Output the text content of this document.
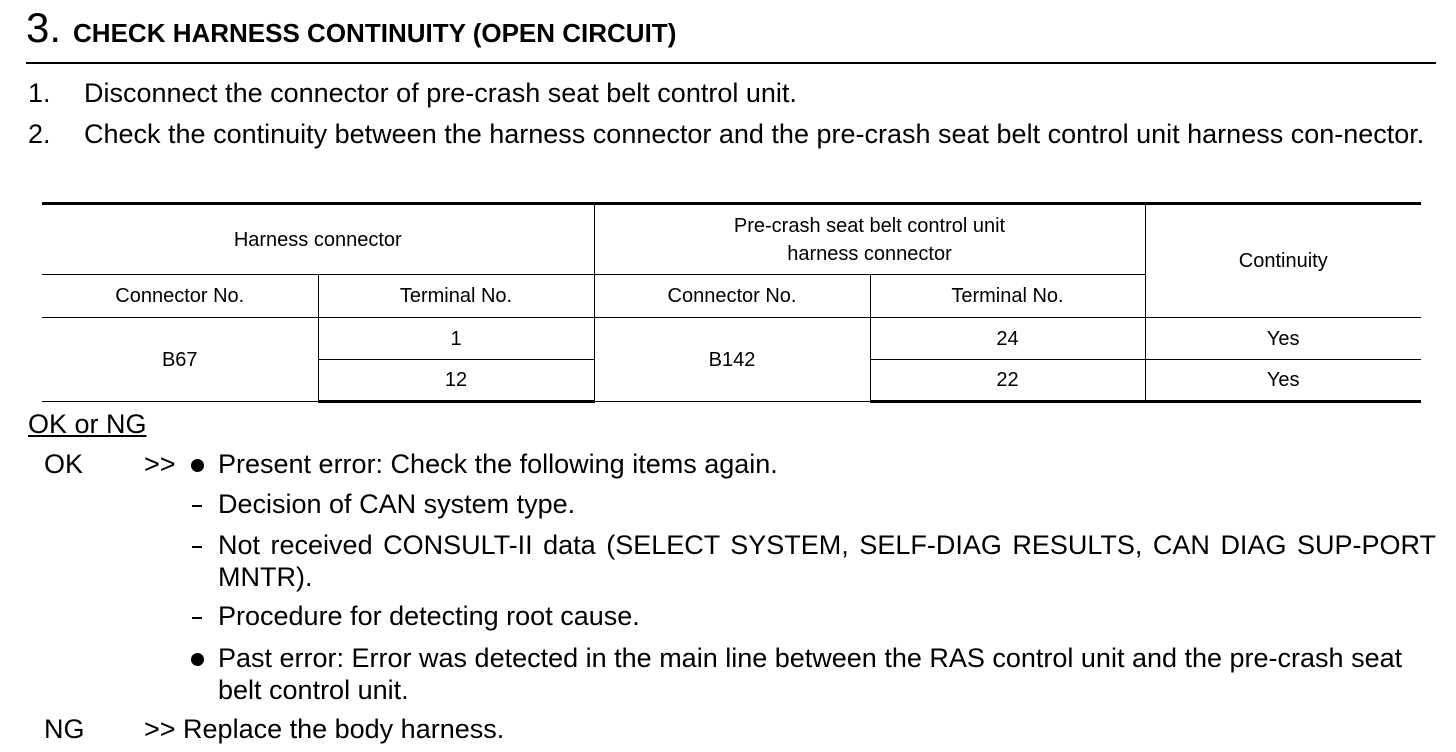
3. CHECK HARNESS CONTINUITY (OPEN CIRCUIT)
1.	Disconnect the connector of pre-crash seat belt control unit.
2.	Check the continuity between the harness connector and the pre-crash seat belt control unit harness con-nector.
Harness connector		Pre-crash seat belt control unit
harness connector		Continuity
Connector No.	Terminal No.	Connector No.	Terminal No.	
B67	1	B142	24	Yes
	12		22	Yes
OK or NG
OK >> Present error: Check the following items again.
Decision of CAN system type.
Not received CONSULT-II data (SELECT SYSTEM, SELF-DIAG RESULTS, CAN DIAG SUP-PORT MNTR).
Procedure for detecting root cause.
Past error: Error was detected in the main line between the RAS control unit and the pre-crash seat belt control unit.
NG >> Replace the body harness.
